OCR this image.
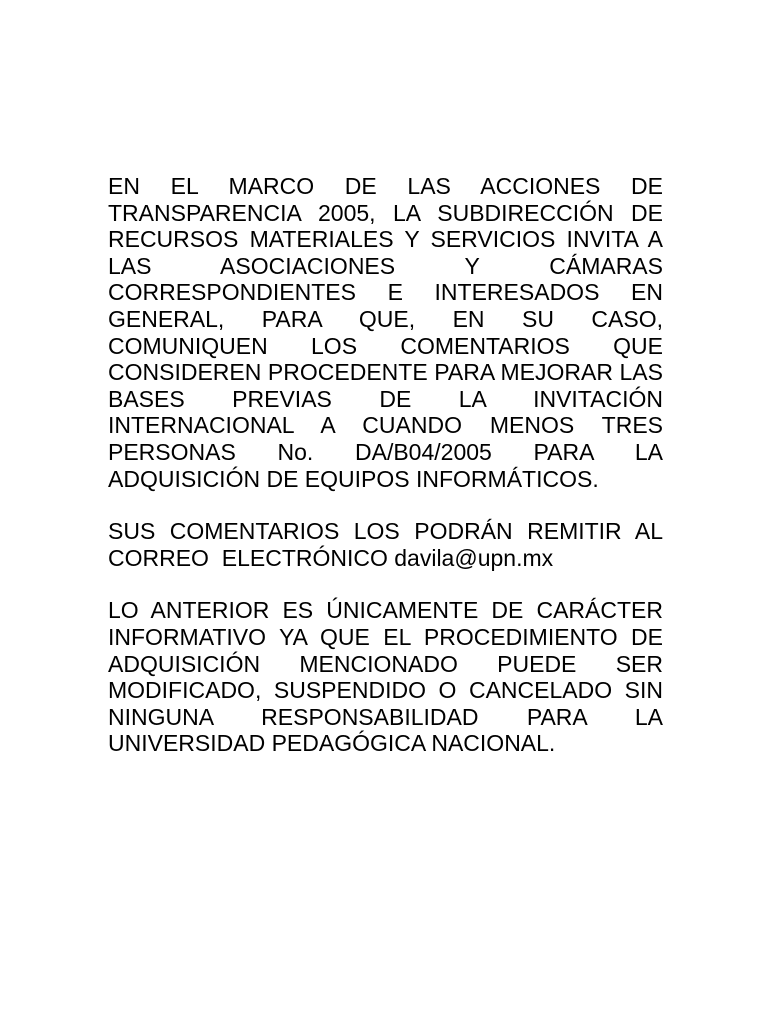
EN EL MARCO DE LAS ACCIONES DE
TRANSPARENCIA 2005, LA SUBDIRECCIÓN DE
RECURSOS MATERIALES Y SERVICIOS INVITA A
LAS ASOCIACIONES Y CÁMARAS
CORRESPONDIENTES E INTERESADOS EN
GENERAL, PARA QUE, EN SU CASO,
COMUNIQUEN LOS COMENTARIOS QUE
CONSIDEREN PROCEDENTE PARA MEJORAR LAS
BASES PREVIAS DE LA INVITACIÓN
INTERNACIONAL A CUANDO MENOS TRES
PERSONAS No. DA/B04/2005 PARA LA
ADQUISICIÓN DE EQUIPOS INFORMÁTICOS.
SUS COMENTARIOS LOS PODRÁN REMITIR AL
CORREO  ELECTRÓNICO davila@upn.mx
LO ANTERIOR ES ÚNICAMENTE DE CARÁCTER
INFORMATIVO YA QUE EL PROCEDIMIENTO DE
ADQUISICIÓN MENCIONADO PUEDE SER
MODIFICADO, SUSPENDIDO O CANCELADO SIN
NINGUNA RESPONSABILIDAD PARA LA
UNIVERSIDAD PEDAGÓGICA NACIONAL.
